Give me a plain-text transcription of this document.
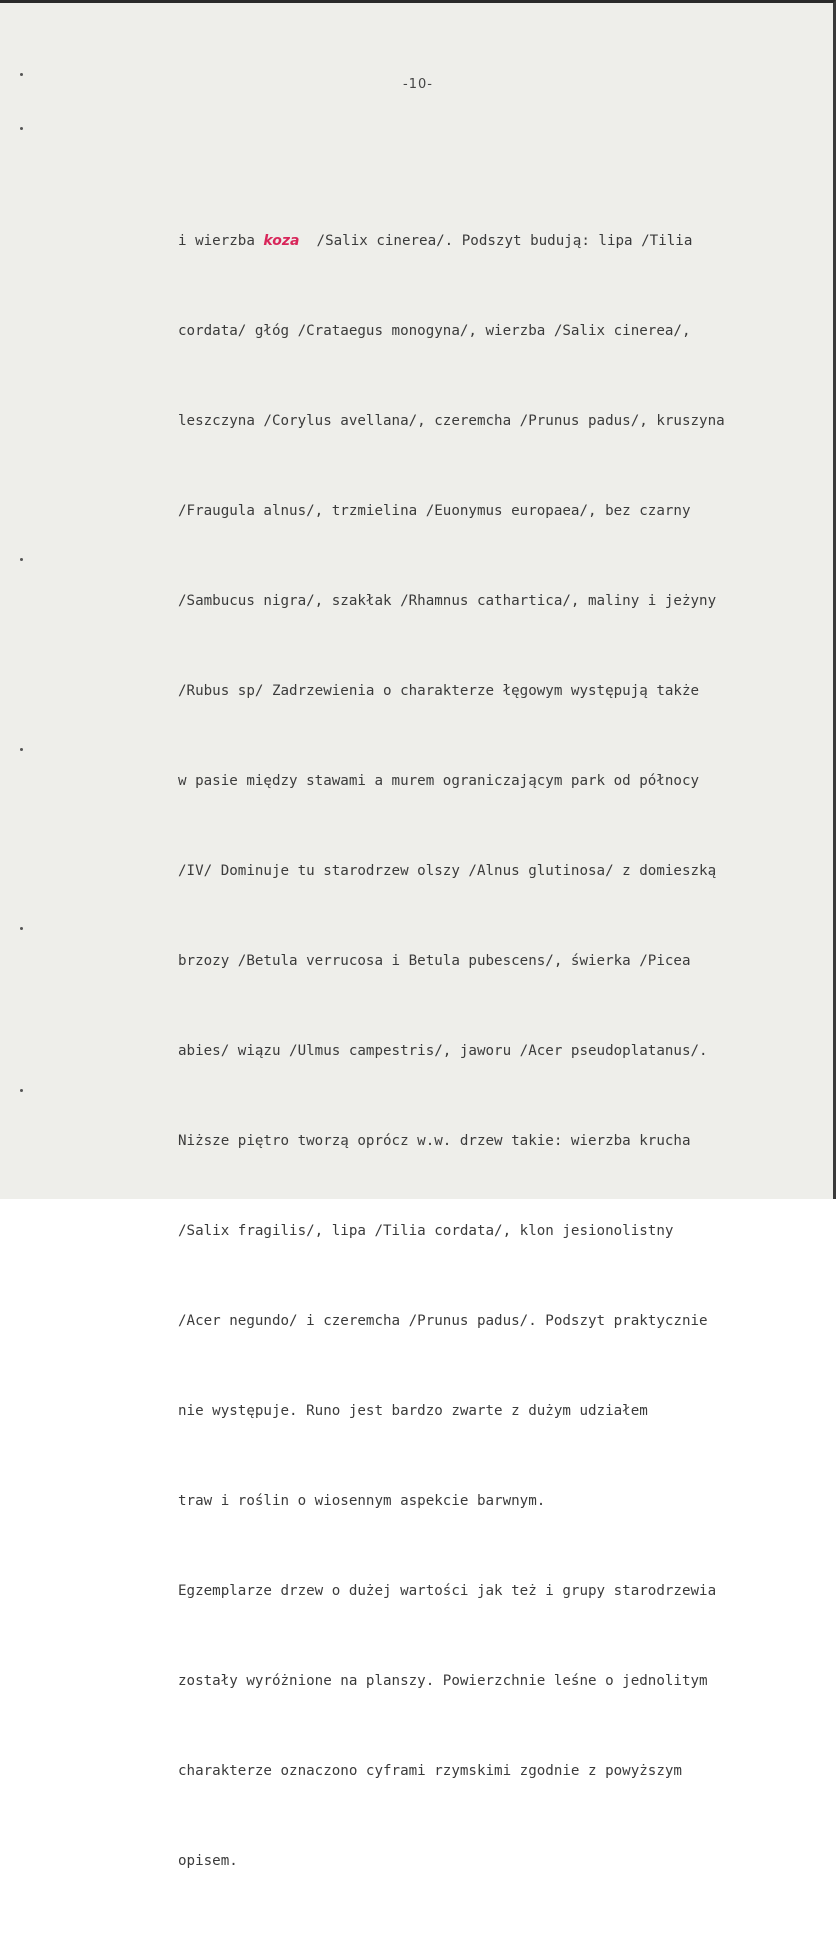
-10-

i wierzba koza /Salix cinerea/. Podszyt budują: lipa /Tilia

cordata/ głóg /Crataegus monogyna/, wierzba /Salix cinerea/,

leszczyna /Corylus avellana/, czeremcha /Prunus padus/, kruszyna

/Fraugula alnus/, trzmielina /Euonymus europaea/, bez czarny

/Sambucus nigra/, szakłak /Rhamnus cathartica/, maliny i jeżyny

/Rubus sp/ Zadrzewienia o charakterze łęgowym występują także

w pasie między stawami a murem ograniczającym park od północy

/IV/ Dominuje tu starodrzew olszy /Alnus glutinosa/ z domieszką

brzozy /Betula verrucosa i Betula pubescens/, świerka /Picea

abies/ wiązu /Ulmus campestris/, jaworu /Acer pseudoplatanus/.

Niższe piętro tworzą oprócz w.w. drzew takie: wierzba krucha

/Salix fragilis/, lipa /Tilia cordata/, klon jesionolistny

/Acer negundo/ i czeremcha /Prunus padus/. Podszyt praktycznie

nie występuje. Runo jest bardzo zwarte z dużym udziałem

traw i roślin o wiosennym aspekcie barwnym.

Egzemplarze drzew o dużej wartości jak też i grupy starodrzewia

zostały wyróżnione na planszy. Powierzchnie leśne o jednolitym

charakterze oznaczono cyframi rzymskimi zgodnie z powyższym

opisem.
